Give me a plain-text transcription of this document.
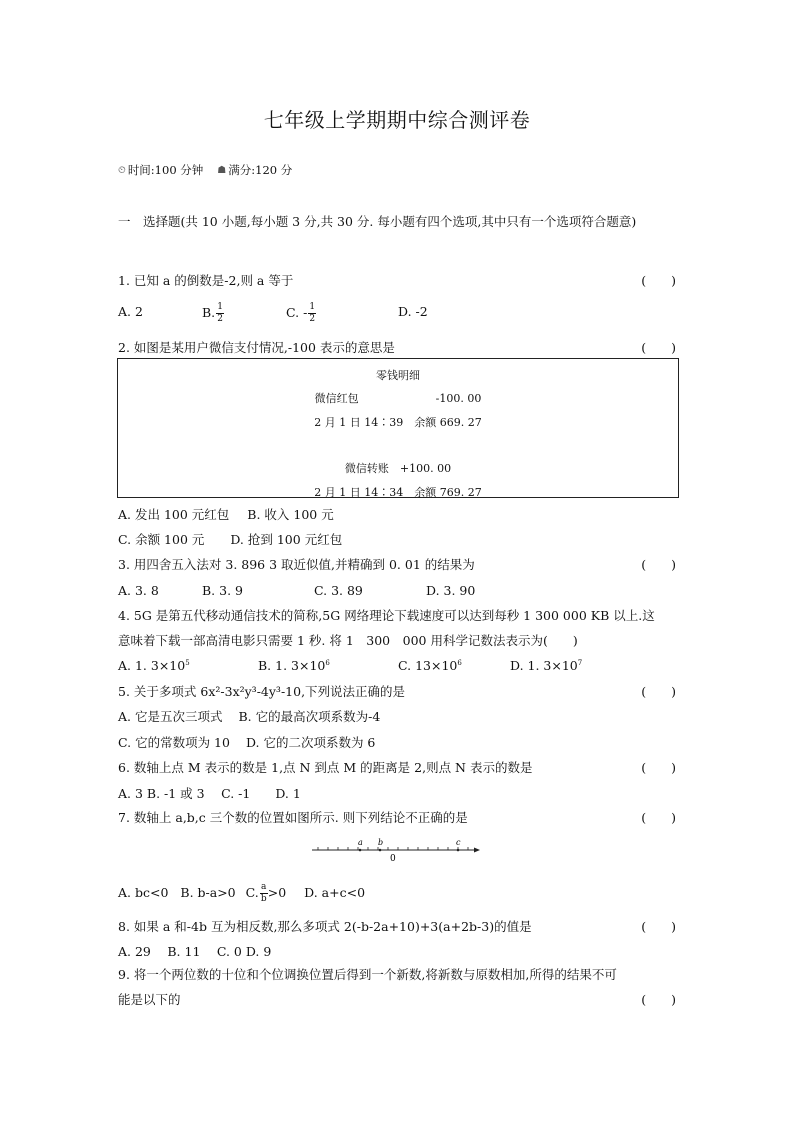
七年级上学期期中综合测评卷
⏲ 时间:100 分钟 ☗ 满分:120 分
一　选择题(共 10 小题,每小题 3 分,共 30 分. 每小题有四个选项,其中只有一个选项符合题意)
1. 已知 a 的倒数是-2,则 a 等于	(　　)
A. 2	B. $\frac{1}{2}$	C. - $\frac{1}{2}$	D. -2
2. 如图是某用户微信支付情况,-100 表示的意思是	(　　)
零钱明细
微信红包　　　　　　　-100. 00
2 月 1 日 14∶39　余额 669. 27
微信转账　+100. 00
2 月 1 日 14∶34　余额 769. 27
A. 发出 100 元红包 B. 收入 100 元
C. 余额 100 元 D. 抢到 100 元红包
3. 用四舍五入法对 3. 896 3 取近似值,并精确到 0. 01 的结果为	(　　)
A. 3. 8	B. 3. 9	C. 3. 89	D. 3. 90
4. 5G 是第五代移动通信技术的简称,5G 网络理论下载速度可以达到每秒 1 300 000 KB 以上.这
意味着下载一部高清电影只需要 1 秒. 将 1　300　000 用科学记数法表示为(　　)
A. 1. $3\times 10^5$	B. 1. $3\times 10^6$	C. $13\times 10^6$	D. 1. $3\times 10^7$
5. 关于多项式 6x²-3x²y³-4y³-10,下列说法正确的是	(　　)
A. 它是五次三项式 B. 它的最高次项系数为-4
C. 它的常数项为 10 D. 它的二次项系数为 6
6. 数轴上点 M 表示的数是 1,点 N 到点 M 的距离是 2,则点 N 表示的数是	(　　)
A. 3 B. -1 或 3　 C. -1　　D. 1
7. 数轴上 a,b,c 三个数的位置如图所示. 则下列结论不正确的是	(　　)
a b	c
0
A. bc<0 B. b-a>0 C. $\frac{a}{b} >0$ D. a+c<0
8. 如果 a 和-4b 互为相反数,那么多项式 2(-b-2a+10)+3(a+2b-3)的值是	(　　)
A. 29　 B. 11　 C. 0 D. 9
9. 将一个两位数的十位和个位调换位置后得到一个新数,将新数与原数相加,所得的结果不可
能是以下的	(　　)
